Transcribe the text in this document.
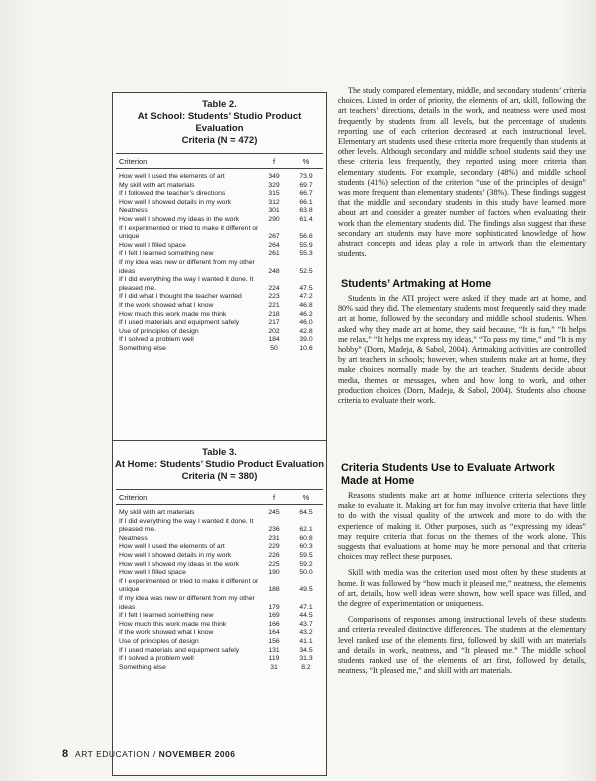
Table 2.
At School: Students’ Studio Product Evaluation
Criteria (N = 472)
Criterion	f	%
How well I used the elements of art	349	73.9
My skill with art materials	329	69.7
If I followed the teacher’s directions	315	66.7
How well I showed details in my work	312	66.1
Neatness	301	63.8
How well I showed my ideas in the work	290	61.4
If I experimented or tried to make it different or unique	267	56.6
How well I filled space	264	55.9
If I felt I learned something new	261	55.3
If my idea was new or different from my other ideas	248	52.5
If I did everything the way I wanted it done. It pleased me.	224	47.5
If I did what I thought the teacher wanted	223	47.2
If the work showed what I know	221	46.8
How much this work made me think	218	46.2
If I used materials and equipment safely	217	46.0
Use of principles of design	202	42.8
If I solved a problem well	184	39.0
Something else	50	10.6
Table 3.
At Home: Students’ Studio Product Evaluation
Criteria (N = 380)
Criterion	f	%
My skill with art materials	245	64.5
If I did everything the way I wanted it done. It pleased me.	236	62.1
Neatness	231	60.8
How well I used the elements of art	229	60.3
How well I showed details in my work	226	59.5
How well I showed my ideas in the work	225	59.2
How well I filled space	190	50.0
If I experimented or tried to make it different or unique	188	49.5
If my idea was new or different from my other ideas	179	47.1
If I felt I learned something new	169	44.5
How much this work made me think	166	43.7
If the work showed what I know	164	43.2
Use of principles of design	156	41.1
If I used materials and equipment safely	131	34.5
If I solved a problem well	119	31.3
Something else	31	8.2

The study compared elementary, middle, and secondary students’ criteria choices. Listed in order of priority, the elements of art, skill, following the art teachers’ directions, details in the work, and neatness were used most frequently by students from all levels, but the percentage of students reporting use of each criterion decreased at each instructional level. Elementary art students used these criteria more frequently than students at other levels. Although secondary and middle school students said they use these criteria less frequently, they reported using more criteria than elementary students. For example, secondary (48%) and middle school students (41%) selection of the criterion “use of the principles of design” was more frequent than elementary students’ (38%). These findings suggest that the middle and secondary students in this study have learned more about art and consider a greater number of factors when evaluating their work than the elementary students did. The findings also suggest that these secondary art students may have more sophisticated knowledge of how abstract concepts and ideas play a role in artwork than the elementary students.

Students’ Artmaking at Home

Students in the ATI project were asked if they made art at home, and 80% said they did. The elementary students most frequently said they made art at home, followed by the secondary and middle school students. When asked why they made art at home, they said because, “It is fun,” “It helps me relax,” “It helps me express my ideas,” “To pass my time,” and “It is my hobby” (Dorn, Madeja, & Sabol, 2004). Artmaking activities are controlled by art teachers in schools; however, when students make art at home, they make choices normally made by the art teacher. Students decide about media, themes or messages, when and how long to work, and other production choices (Dorn, Madeja, & Sabol, 2004). Students also choose criteria to evaluate their work.

Criteria Students Use to Evaluate Artwork
Made at Home

Reasons students make art at home influence criteria selections they make to evaluate it. Making art for fun may involve criteria that have little to do with the visual quality of the artwork and more to do with the experience of making it. Other purposes, such as “expressing my ideas” may require criteria that focus on the themes of the work alone. This suggests that evaluations at home may be more personal and that criteria choices may reflect these purposes.

Skill with media was the criterion used most often by these students at home. It was followed by “how much it pleased me,” neatness, the elements of art, details, how well ideas were shown, how well space was filled, and the degree of experimentation or uniqueness.

Comparisons of responses among instructional levels of these students and criteria revealed distinctive differences. The students at the elementary level ranked use of the elements first, followed by skill with art materials and details in work, neatness, and “It pleased me.” The middle school students ranked use of the elements of art first, followed by details, neatness, “It pleased me,” and skill with art materials.

8 ART EDUCATION / NOVEMBER 2006
